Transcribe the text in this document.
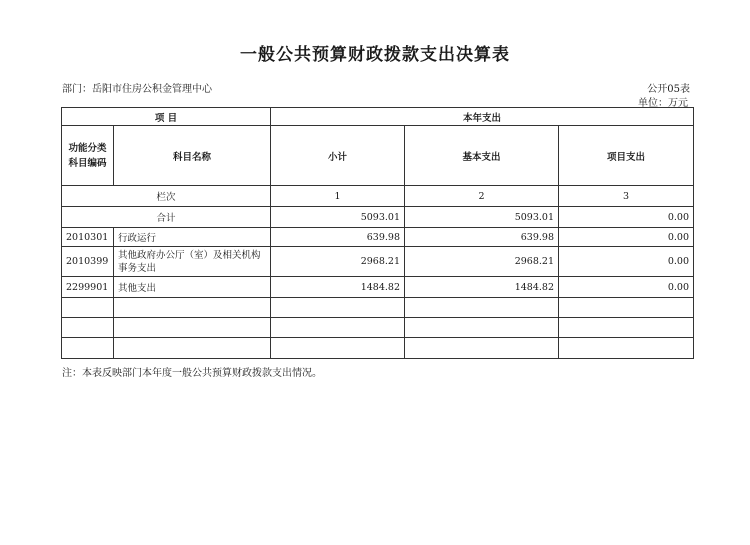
一般公共预算财政拨款支出决算表
部门：岳阳市住房公积金管理中心	公开05表
单位：万元
项 目		本年支出		
功能分类科目编码	科目名称	小计	基本支出	项目支出
栏次		1	2	3
合计		5093.01	5093.01	0.00
2010301	行政运行	639.98	639.98	0.00
2010399	其他政府办公厅（室）及相关机构事务支出	2968.21	2968.21	0.00
2299901	其他支出	1484.82	1484.82	0.00

注：本表反映部门本年度一般公共预算财政拨款支出情况。
